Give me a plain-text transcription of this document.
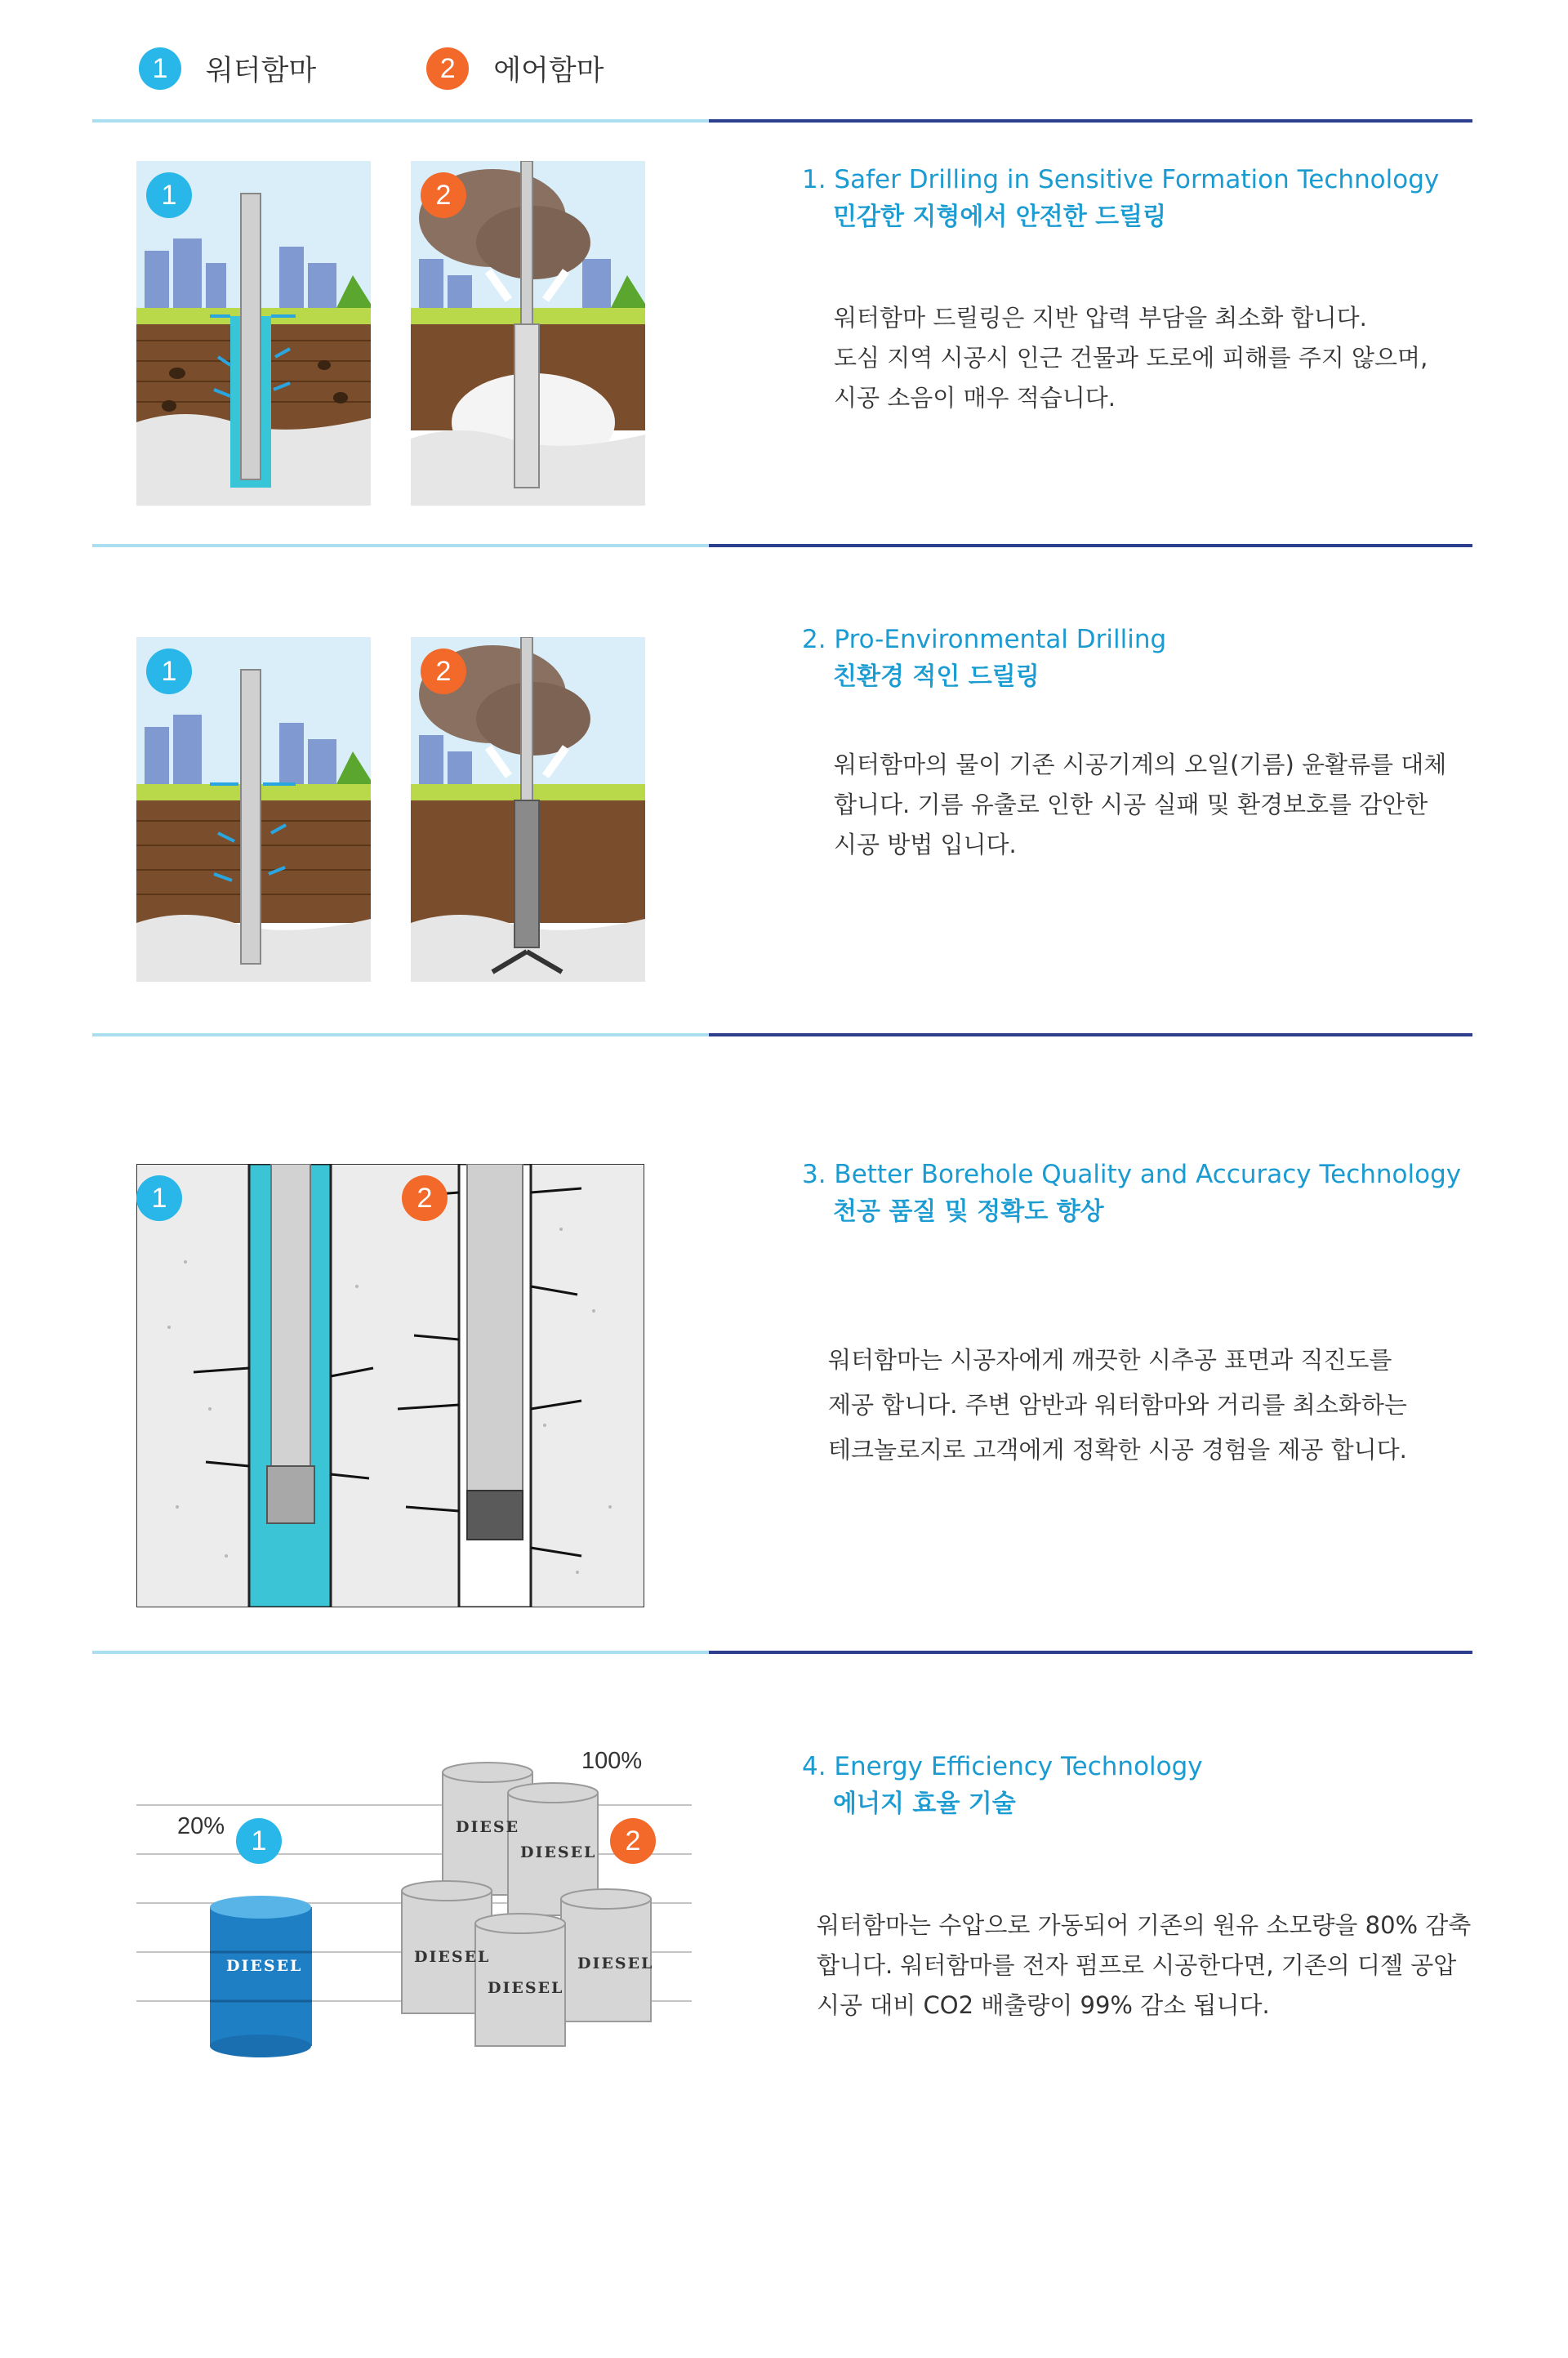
1	워터함마	2	에어함마
1	2	1. Safer Drilling in Sensitive Formation Technology
민감한 지형에서 안전한 드릴링
워터함마 드릴링은 지반 압력 부담을 최소화 합니다.
도심 지역 시공시 인근 건물과 도로에 피해를 주지 않으며,
시공 소음이 매우 적습니다.
1	2
2. Pro-Environmental Drilling
친환경 적인 드릴링
워터함마의 물이 기존 시공기계의 오일(기름) 윤활류를 대체
합니다. 기름 유출로 인한 시공 실패 및 환경보호를 감안한
시공 방법 입니다.
1	2
3. Better Borehole Quality and Accuracy Technology
천공 품질 및 정확도 향상
워터함마는 시공자에게 깨끗한 시추공 표면과 직진도를
제공 합니다. 주변 암반과 워터함마와 거리를 최소화하는
테크놀로지로 고객에게 정확한 시공 경험을 제공 합니다.
DIESEL
DIESE
DIESEL
DIESEL
DIESEL
DIESEL
1	2
20%
100%	4. Energy Efficiency Technology
에너지 효율 기술
워터함마는 수압으로 가동되어 기존의 원유 소모량을 80% 감축
합니다. 워터함마를 전자 펌프로 시공한다면, 기존의 디젤 공압
시공 대비 CO2 배출량이 99% 감소 됩니다.
